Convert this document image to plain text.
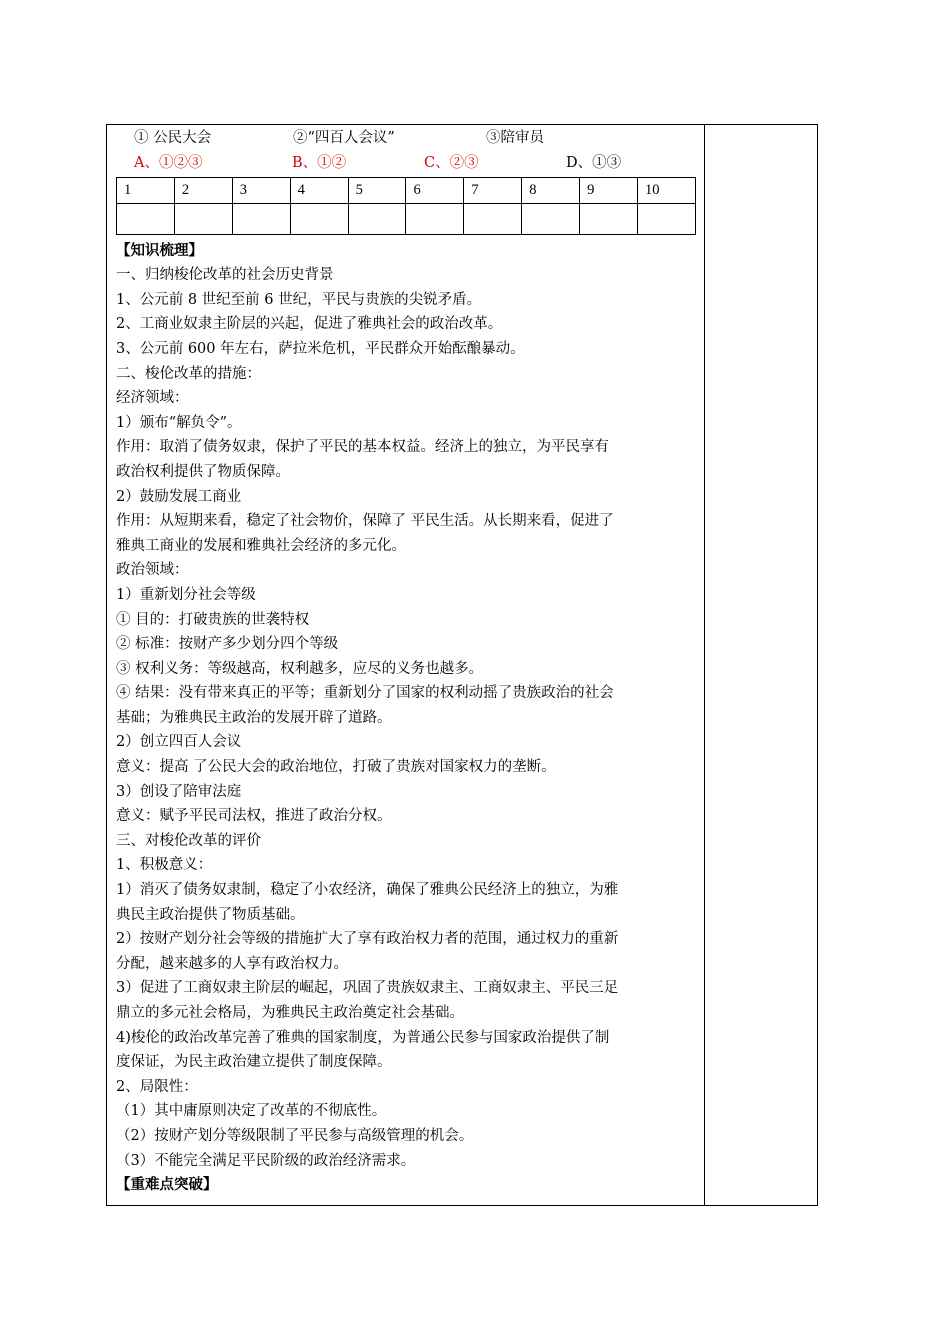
① 公民大会	②“四百人会议”	③陪审员
A、①②③	B、①②	C、②③	D、①③
1	2	3	4	5	6	7	8	9	10

【知识梳理】
一、归纳梭伦改革的社会历史背景
1、公元前 8 世纪至前 6 世纪，平民与贵族的尖锐矛盾。
2、工商业奴隶主阶层的兴起，促进了雅典社会的政治改革。
3、公元前 600 年左右，萨拉米危机，平民群众开始酝酿暴动。
二、梭伦改革的措施：
经济领域：
1）颁布“解负令”。
作用：取消了债务奴隶，保护了平民的基本权益。经济上的独立，为平民享有
政治权利提供了物质保障。
2）鼓励发展工商业
作用：从短期来看，稳定了社会物价，保障了 平民生活。从长期来看，促进了
雅典工商业的发展和雅典社会经济的多元化。
政治领域：
1）重新划分社会等级
① 目的：打破贵族的世袭特权
② 标准：按财产多少划分四个等级
③ 权利义务：等级越高，权利越多，应尽的义务也越多。
④ 结果：没有带来真正的平等；重新划分了国家的权利动摇了贵族政治的社会
基础；为雅典民主政治的发展开辟了道路。
2）创立四百人会议
意义：提高 了公民大会的政治地位，打破了贵族对国家权力的垄断。
3）创设了陪审法庭
意义：赋予平民司法权，推进了政治分权。
三、对梭伦改革的评价
1、积极意义：
1）消灭了债务奴隶制，稳定了小农经济，确保了雅典公民经济上的独立，为雅
典民主政治提供了物质基础。
2）按财产划分社会等级的措施扩大了享有政治权力者的范围，通过权力的重新
分配，越来越多的人享有政治权力。
3）促进了工商奴隶主阶层的崛起，巩固了贵族奴隶主、工商奴隶主、平民三足
鼎立的多元社会格局，为雅典民主政治奠定社会基础。
4)梭伦的政治改革完善了雅典的国家制度，为普通公民参与国家政治提供了制
度保证，为民主政治建立提供了制度保障。
2、局限性：
（1）其中庸原则决定了改革的不彻底性。
（2）按财产划分等级限制了平民参与高级管理的机会。
（3）不能完全满足平民阶级的政治经济需求。
【重难点突破】
